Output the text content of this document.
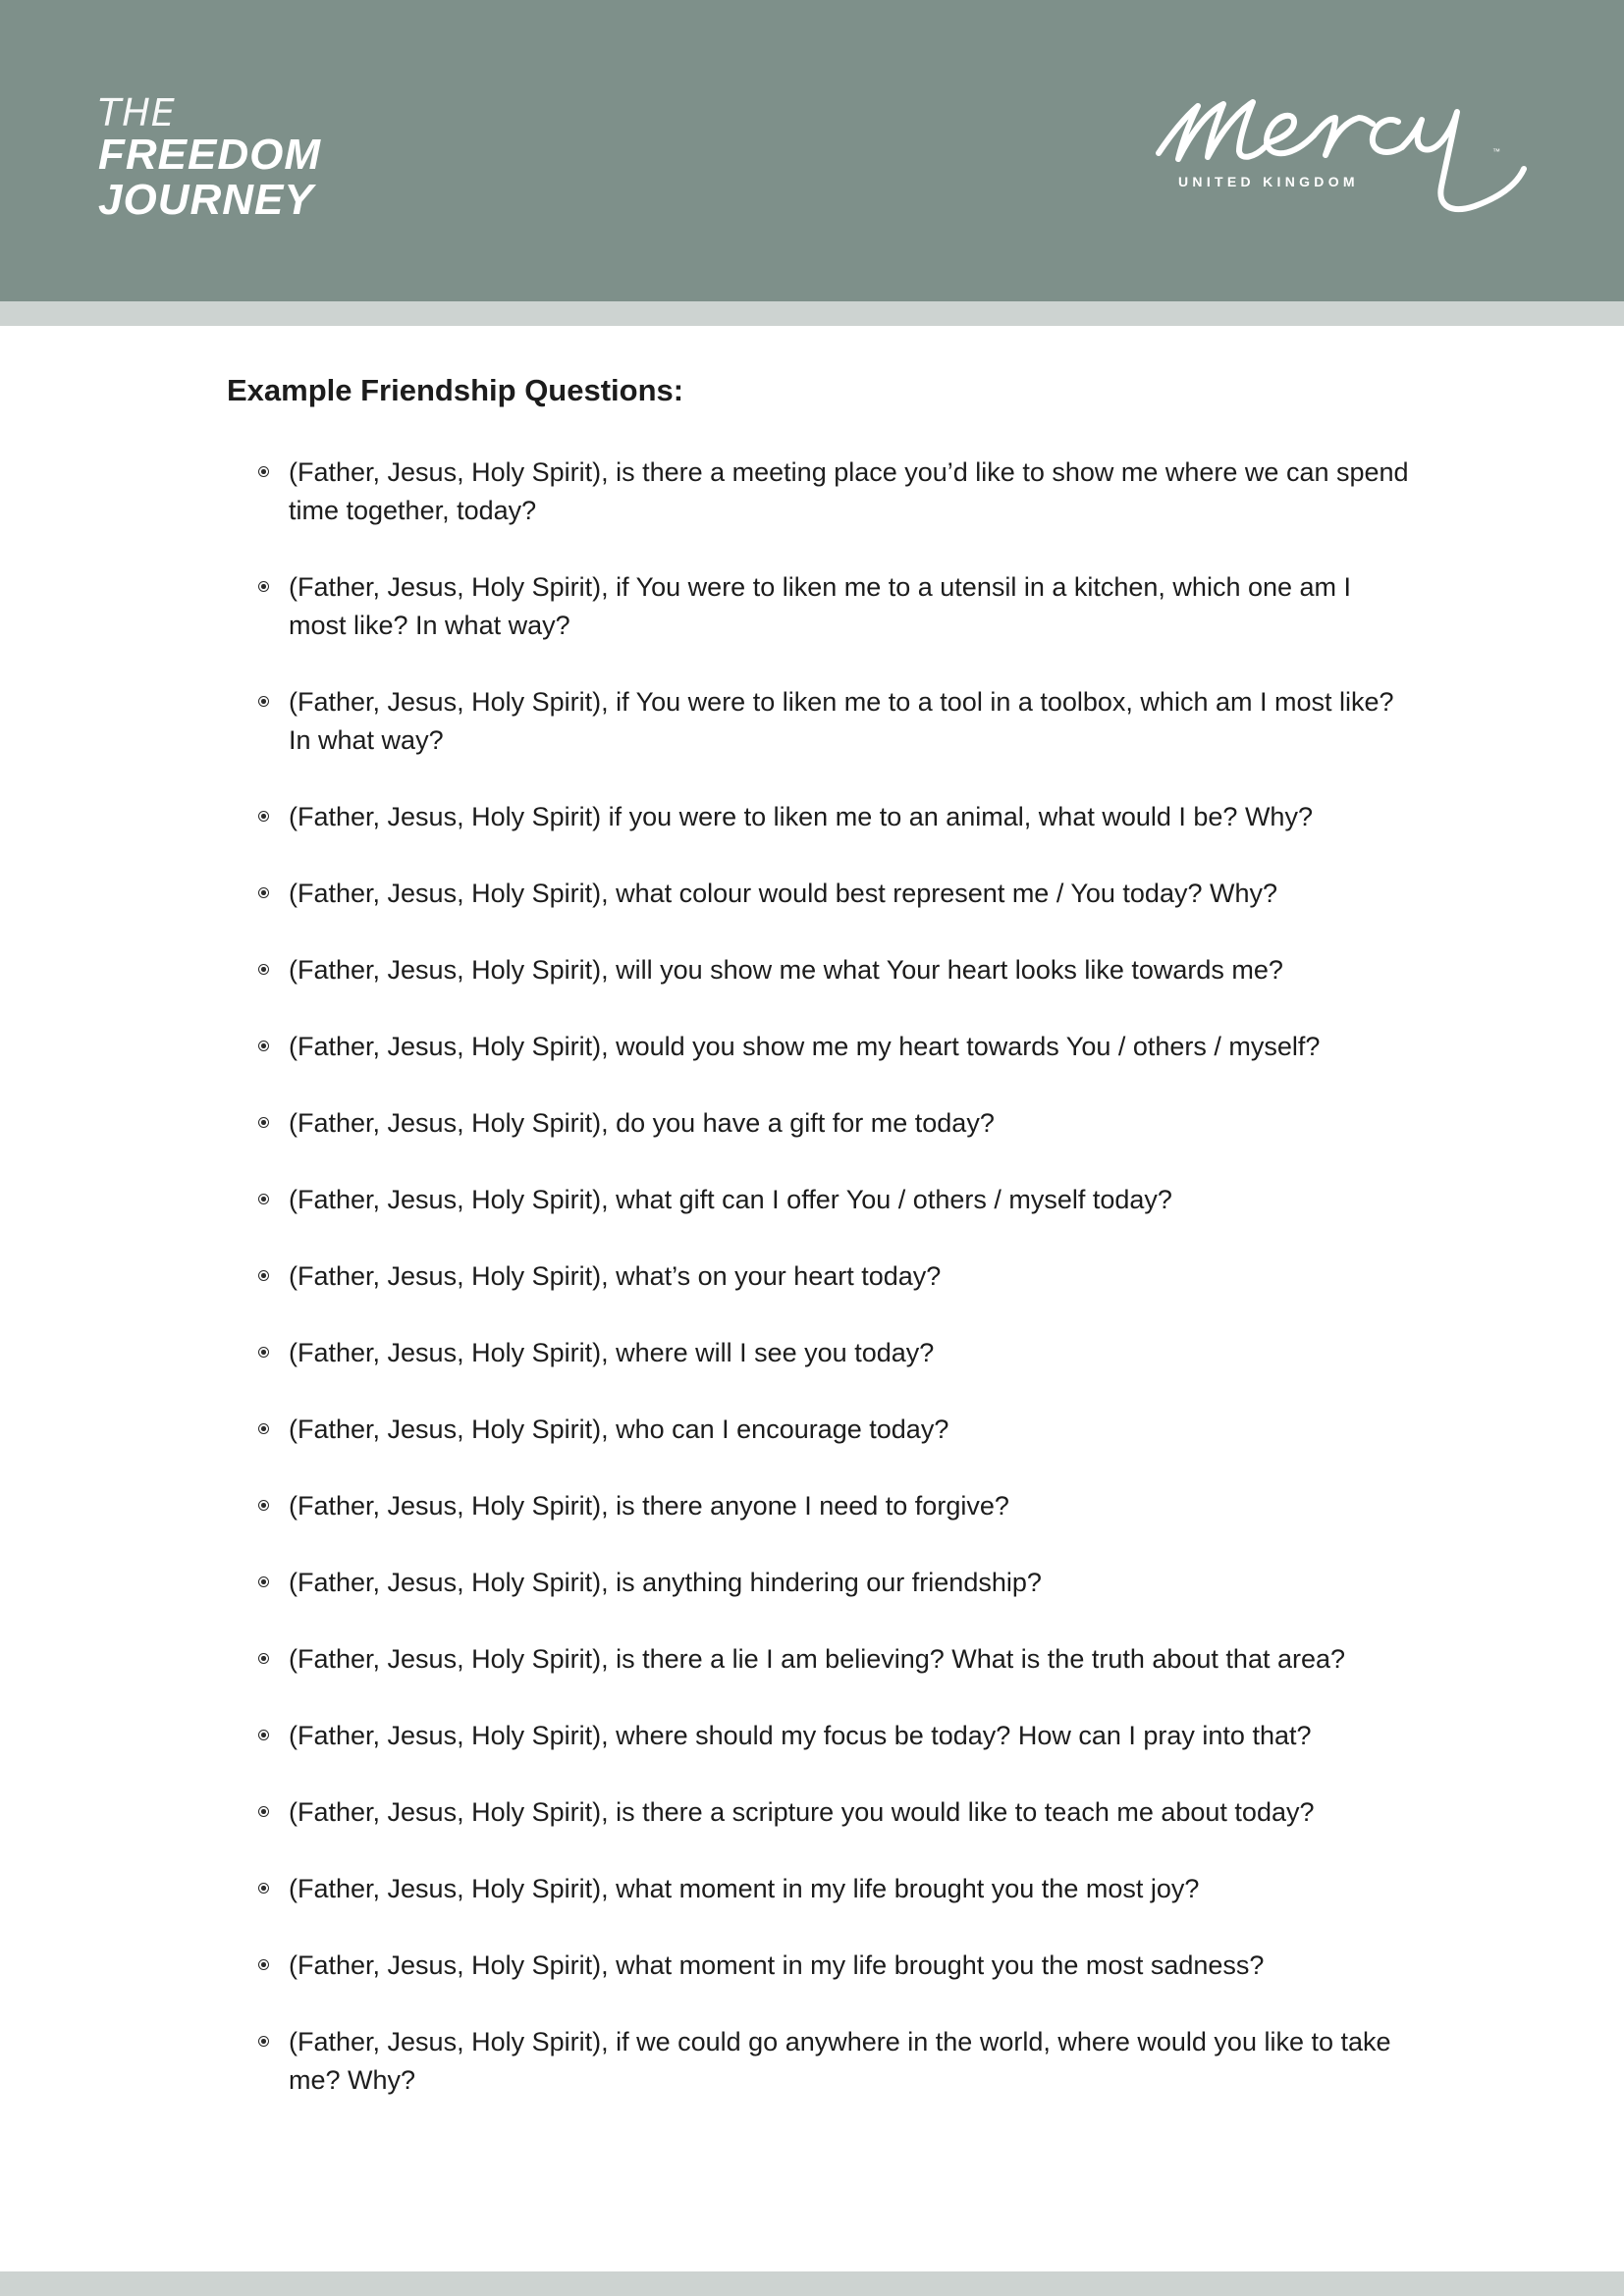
THE
FREEDOM
JOURNEY	UNITED KINGDOM
™
Example Friendship Questions:
(Father, Jesus, Holy Spirit), is there a meeting place you’d like to show me where we can spend time together, today?
(Father, Jesus, Holy Spirit), if You were to liken me to a utensil in a kitchen, which one am I most like? In what way?
(Father, Jesus, Holy Spirit), if You were to liken me to a tool in a toolbox, which am I most like? In what way?
(Father, Jesus, Holy Spirit) if you were to liken me to an animal, what would I be? Why?
(Father, Jesus, Holy Spirit), what colour would best represent me / You today? Why?
(Father, Jesus, Holy Spirit), will you show me what Your heart looks like towards me?
(Father, Jesus, Holy Spirit), would you show me my heart towards You / others / myself?
(Father, Jesus, Holy Spirit), do you have a gift for me today?
(Father, Jesus, Holy Spirit), what gift can I offer You / others / myself today?
(Father, Jesus, Holy Spirit), what’s on your heart today?
(Father, Jesus, Holy Spirit), where will I see you today?
(Father, Jesus, Holy Spirit), who can I encourage today?
(Father, Jesus, Holy Spirit), is there anyone I need to forgive?
(Father, Jesus, Holy Spirit), is anything hindering our friendship?
(Father, Jesus, Holy Spirit), is there a lie I am believing? What is the truth about that area?
(Father, Jesus, Holy Spirit), where should my focus be today? How can I pray into that?
(Father, Jesus, Holy Spirit), is there a scripture you would like to teach me about today?
(Father, Jesus, Holy Spirit), what moment in my life brought you the most joy?
(Father, Jesus, Holy Spirit), what moment in my life brought you the most sadness?
(Father, Jesus, Holy Spirit), if we could go anywhere in the world, where would you like to take me? Why?
